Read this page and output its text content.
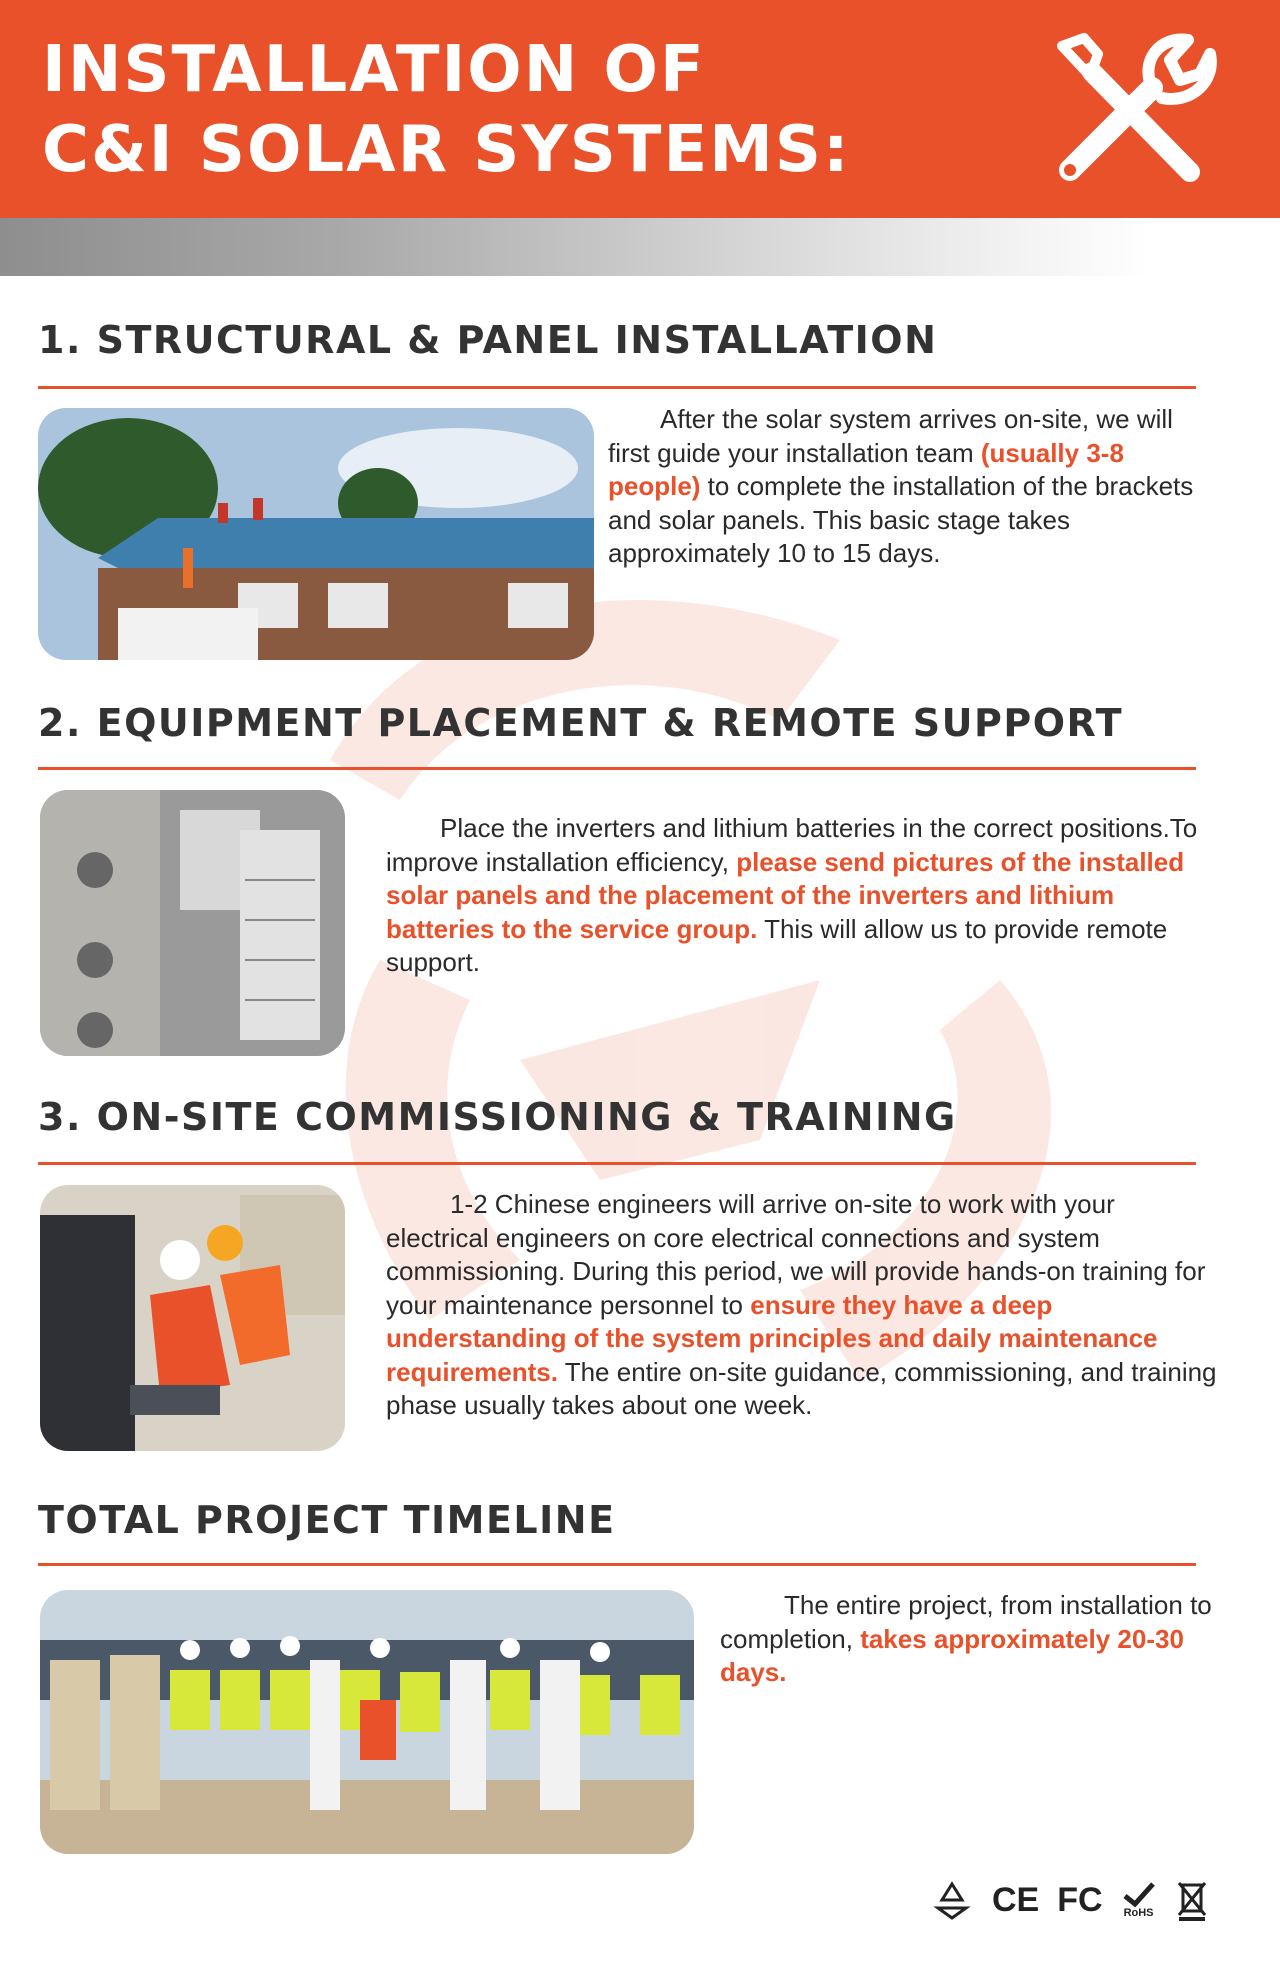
INSTALLATION OF
C&I SOLAR SYSTEMS:
1. STRUCTURAL & PANEL INSTALLATION

After the solar system arrives on-site, we will first guide your installation team (usually 3-8 people) to complete the installation of the brackets and solar panels. This basic stage takes approximately 10 to 15 days.

2. EQUIPMENT PLACEMENT & REMOTE SUPPORT

Place the inverters and lithium batteries in the correct positions.To improve installation efficiency, please send pictures of the installed solar panels and the placement of the inverters and lithium batteries to the service group. This will allow us to provide remote support.

3. ON-SITE COMMISSIONING & TRAINING

1-2 Chinese engineers will arrive on-site to work with your electrical engineers on core electrical connections and system commissioning. During this period, we will provide hands-on training for your maintenance personnel to ensure they have a deep understanding of the system principles and daily maintenance requirements. The entire on-site guidance, commissioning, and training phase usually takes about one week.

TOTAL PROJECT TIMELINE

The entire project, from installation to completion, takes approximately 20-30 days.

CE FC RoHS
